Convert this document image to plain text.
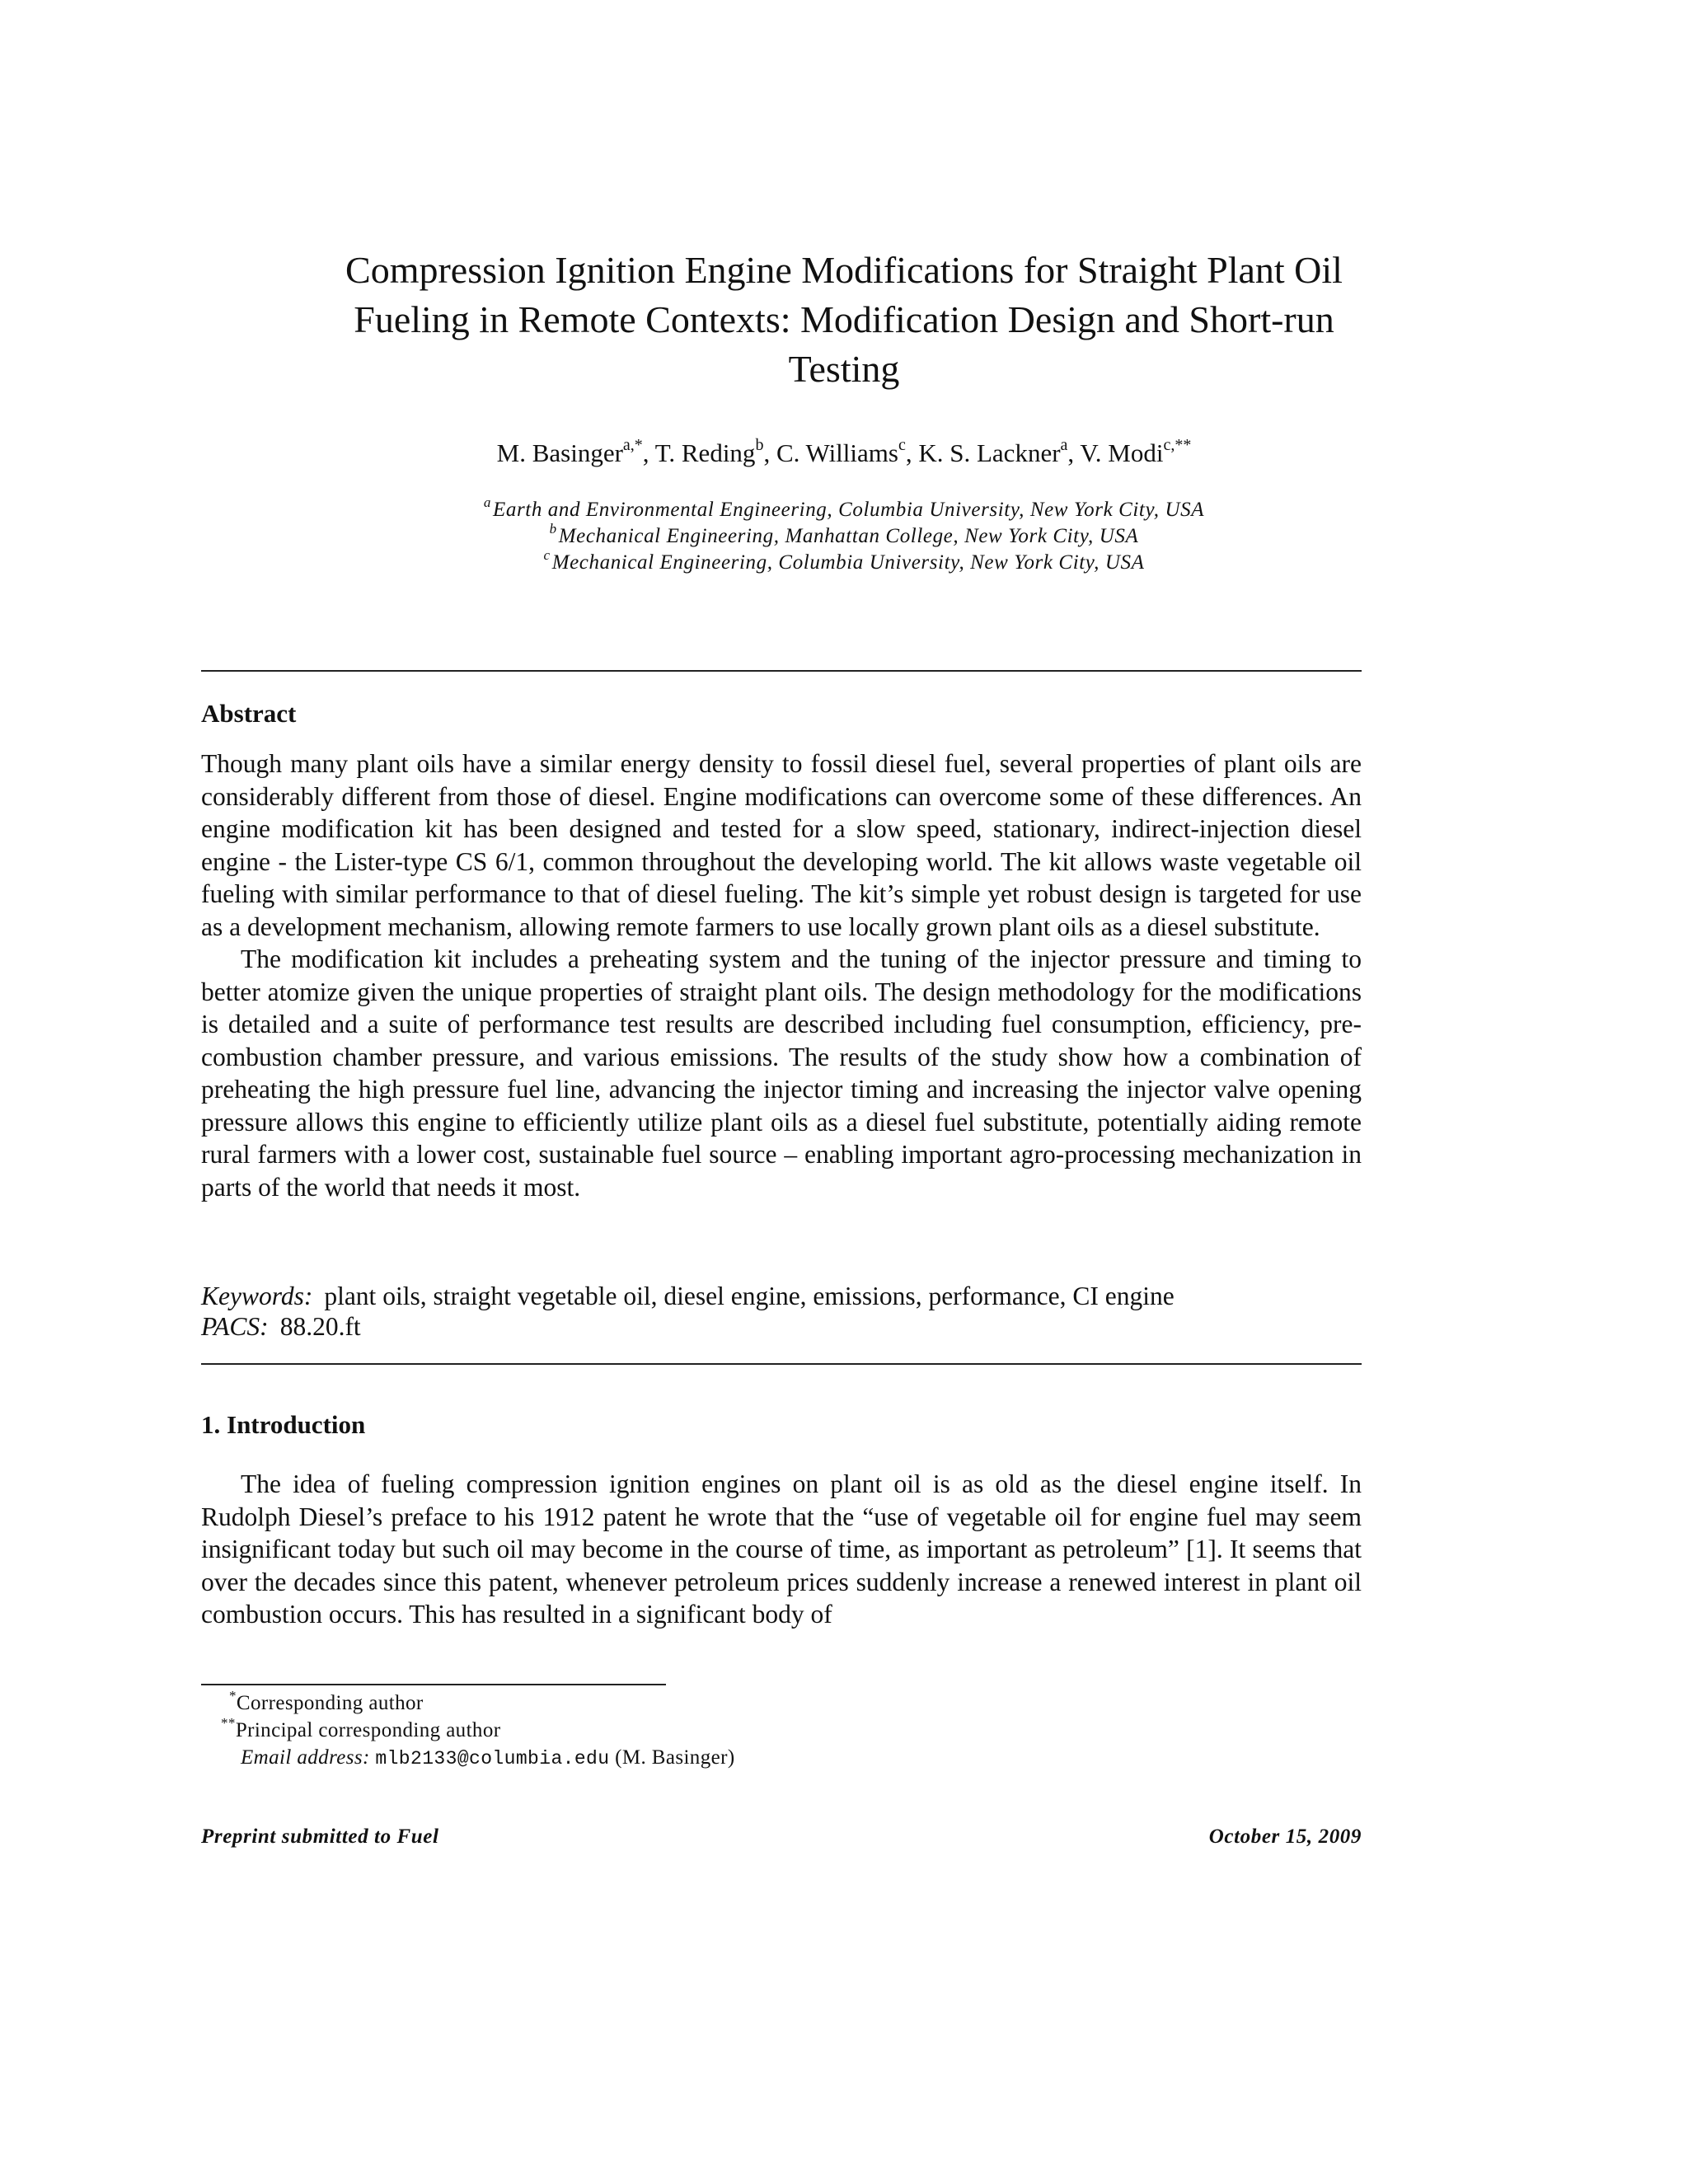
Compression Ignition Engine Modifications for Straight Plant Oil
Fueling in Remote Contexts: Modification Design and Short-run
Testing
M. Basinger$^{a,*}$, T. Reding$^b$, C. Williams$^c$, K. S. Lackner$^a$, V. Modi$^{c,**}$
$^a$Earth and Environmental Engineering, Columbia University, New York City, USA
$^b$Mechanical Engineering, Manhattan College, New York City, USA
$^c$Mechanical Engineering, Columbia University, New York City, USA
Abstract

Though many plant oils have a similar energy density to fossil diesel fuel, several properties of plant oils are considerably different from those of diesel. Engine modifications can overcome some of these differences. An engine modification kit has been designed and tested for a slow speed, stationary, indirect-injection diesel engine - the Lister-type CS 6/1, common throughout the developing world. The kit allows waste vegetable oil fueling with similar performance to that of diesel fueling. The kit’s simple yet robust design is targeted for use as a development mechanism, allowing remote farmers to use locally grown plant oils as a diesel substitute.

The modification kit includes a preheating system and the tuning of the injector pressure and timing to better atomize given the unique properties of straight plant oils. The design methodology for the modifications is detailed and a suite of performance test results are described including fuel consumption, efficiency, pre-combustion chamber pressure, and various emissions. The results of the study show how a combination of preheating the high pressure fuel line, advancing the injector timing and increasing the injector valve opening pressure allows this engine to efficiently utilize plant oils as a diesel fuel substitute, potentially aiding remote rural farmers with a lower cost, sustainable fuel source – enabling important agro-processing mechanization in parts of the world that needs it most.

Keywords: plant oils, straight vegetable oil, diesel engine, emissions, performance, CI engine
PACS: 88.20.ft
1. Introduction

The idea of fueling compression ignition engines on plant oil is as old as the diesel engine itself. In Rudolph Diesel’s preface to his 1912 patent he wrote that the “use of vegetable oil for engine fuel may seem insignificant today but such oil may become in the course of time, as important as petroleum” [1]. It seems that over the decades since this patent, whenever petroleum prices suddenly increase a renewed interest in plant oil combustion occurs. This has resulted in a significant body of

*Corresponding author
**Principal corresponding author
Email address: mlb2133@columbia.edu (M. Basinger)
Preprint submitted to Fuel	October 15, 2009
